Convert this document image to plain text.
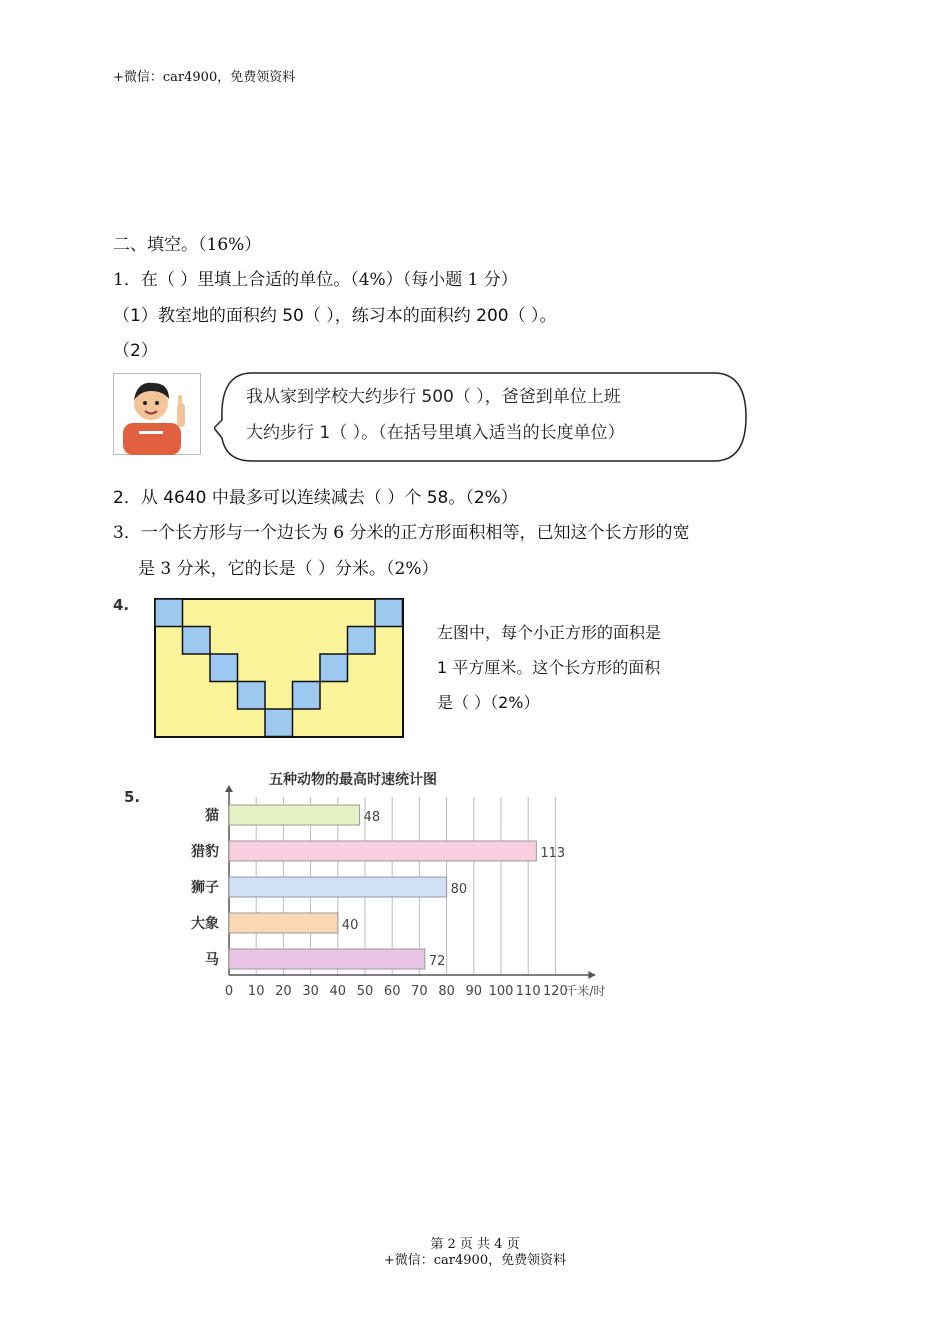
+微信：car4900，免费领资料
二、填空。（16%）
1．在（ ）里填上合适的单位。（4%）（每小题 1 分）
（1）教室地的面积约 50（ ），练习本的面积约 200（ ）。
（2）
我从家到学校大约步行 500（ ），爸爸到单位上班
大约步行 1（ ）。（在括号里填入适当的长度单位）
2．从 4640 中最多可以连续减去（ ）个 58。（2%）
3．一个长方形与一个边长为 6 分米的正方形面积相等，已知这个长方形的宽
是 3 分米，它的长是（ ）分米。（2%）
4.
左图中，每个小正方形的面积是
1 平方厘米。这个长方形的面积
是（ ）（2%）
5.
五种动物的最高时速统计图
0 10 20 30 40 50 60 70 80 90 100 110 120
千米/时
猫	48
猎豹	113
狮子	80
大象	40
马	72
第 2 页 共 4 页
+微信：car4900，免费领资料
